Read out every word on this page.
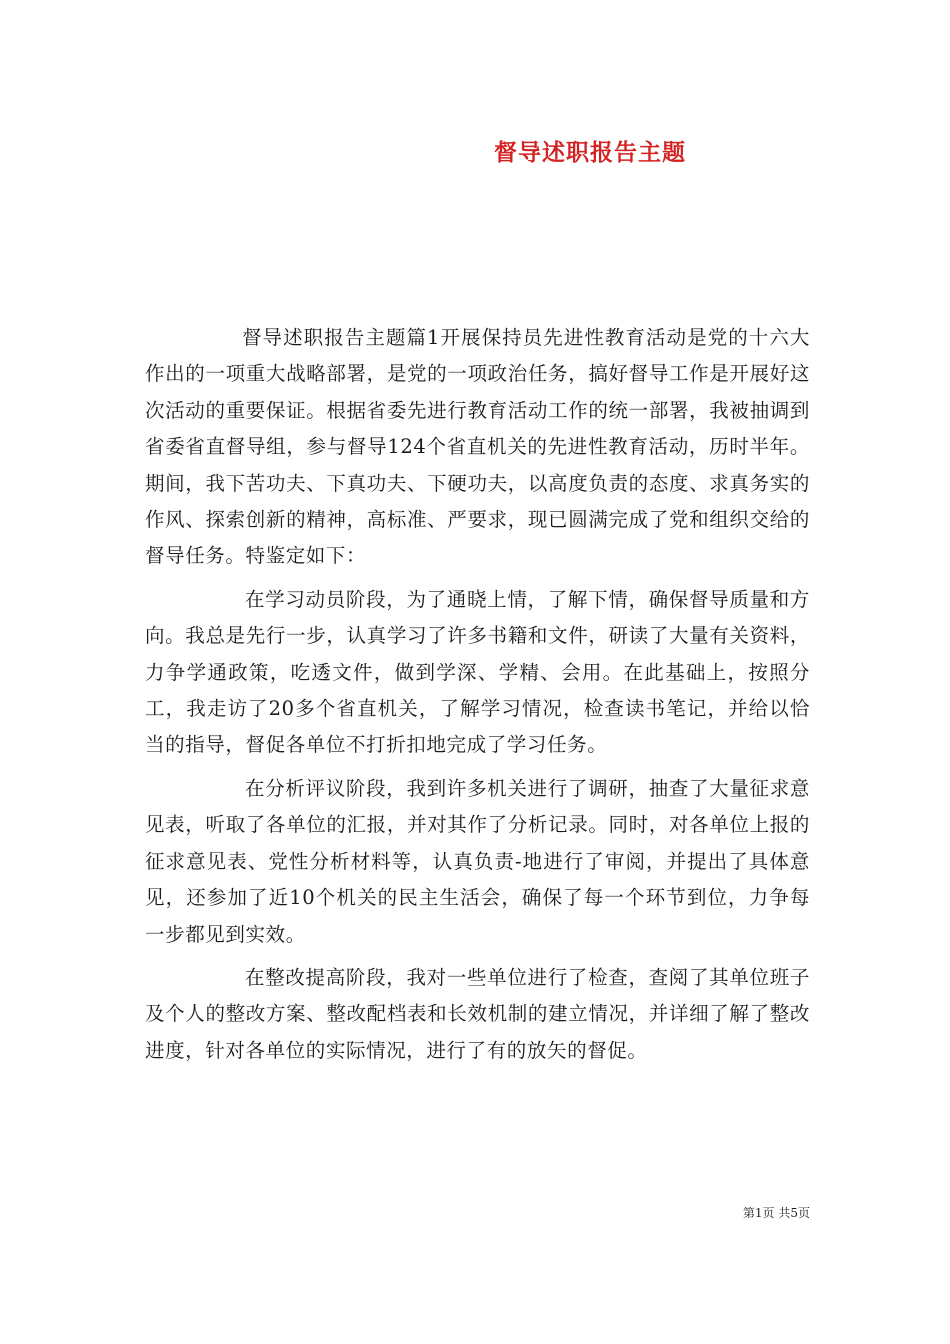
督导述职报告主题

督导述职报告主题篇1开展保持员先进性教育活动是党的十六大作出的一项重大战略部署，是党的一项政治任务，搞好督导工作是开展好这次活动的重要保证。根据省委先进行教育活动工作的统一部署，我被抽调到省委省直督导组，参与督导124个省直机关的先进性教育活动，历时半年。期间，我下苦功夫、下真功夫、下硬功夫，以高度负责的态度、求真务实的作风、探索创新的精神，高标准、严要求，现已圆满完成了党和组织交给的督导任务。特鉴定如下：

在学习动员阶段，为了通晓上情，了解下情，确保督导质量和方向。我总是先行一步，认真学习了许多书籍和文件，研读了大量有关资料，力争学通政策，吃透文件，做到学深、学精、会用。在此基础上，按照分工，我走访了20多个省直机关，了解学习情况，检查读书笔记，并给以恰当的指导，督促各单位不打折扣地完成了学习任务。

在分析评议阶段，我到许多机关进行了调研，抽查了大量征求意见表，听取了各单位的汇报，并对其作了分析记录。同时，对各单位上报的征求意见表、党性分析材料等，认真负责-地进行了审阅，并提出了具体意见，还参加了近10个机关的民主生活会，确保了每一个环节到位，力争每一步都见到实效。

在整改提高阶段，我对一些单位进行了检查，查阅了其单位班子及个人的整改方案、整改配档表和长效机制的建立情况，并详细了解了整改进度，针对各单位的实际情况，进行了有的放矢的督促。

第1页 共5页
